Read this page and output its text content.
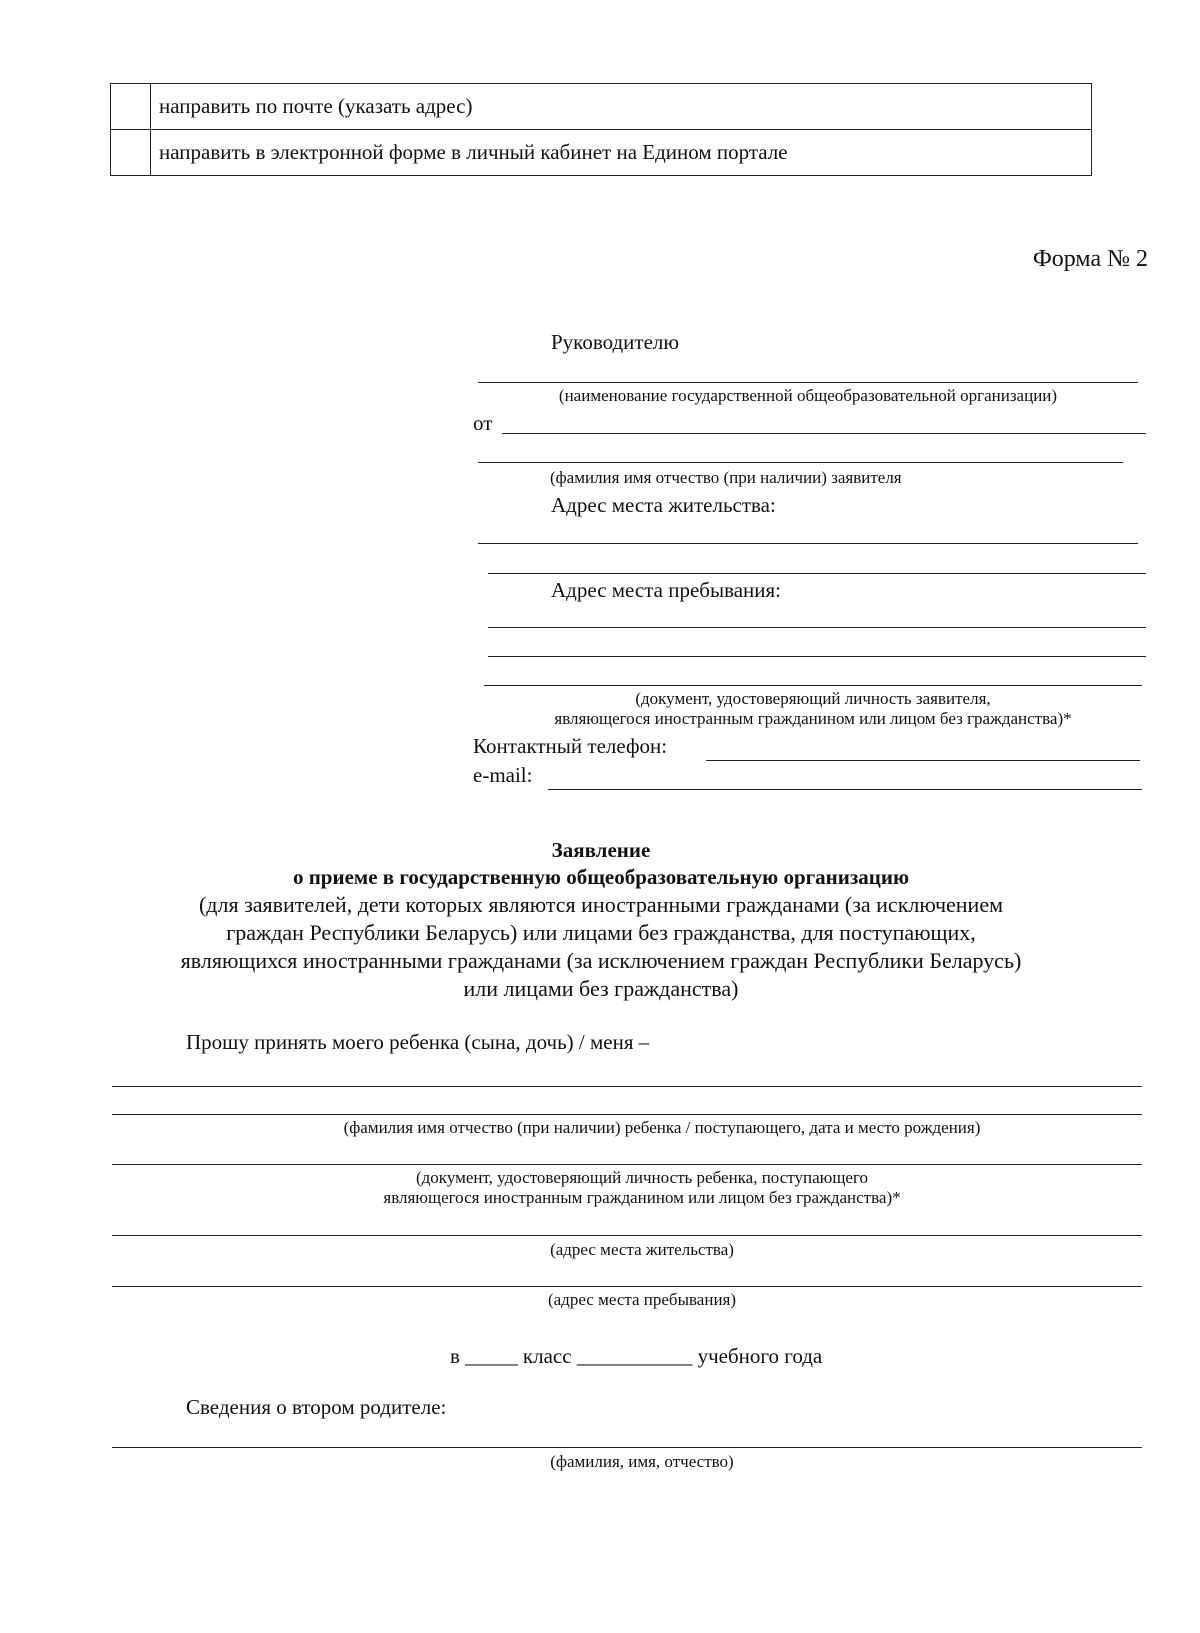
	направить по почте (указать адрес)
	направить в электронной форме в личный кабинет на Едином портале
Форма № 2
Руководителю
(наименование государственной общеобразовательной организации)
от
(фамилия имя отчество (при наличии) заявителя
Адрес места жительства:
Адрес места пребывания:
(документ, удостоверяющий личность заявителя,
являющегося иностранным гражданином или лицом без гражданства)*
Контактный телефон:
e-mail:
Заявление
о приеме в государственную общеобразовательную организацию
(для заявителей, дети которых являются иностранными гражданами (за исключением
граждан Республики Беларусь) или лицами без гражданства, для поступающих,
являющихся иностранными гражданами (за исключением граждан Республики Беларусь)
или лицами без гражданства)
Прошу принять моего ребенка (сына, дочь) / меня –
(фамилия имя отчество (при наличии) ребенка / поступающего, дата и место рождения)
(документ, удостоверяющий личность ребенка, поступающего
являющегося иностранным гражданином или лицом без гражданства)*
(адрес места жительства)
(адрес места пребывания)
в _____ класс ___________ учебного года
Сведения о втором родителе:
(фамилия, имя, отчество)
